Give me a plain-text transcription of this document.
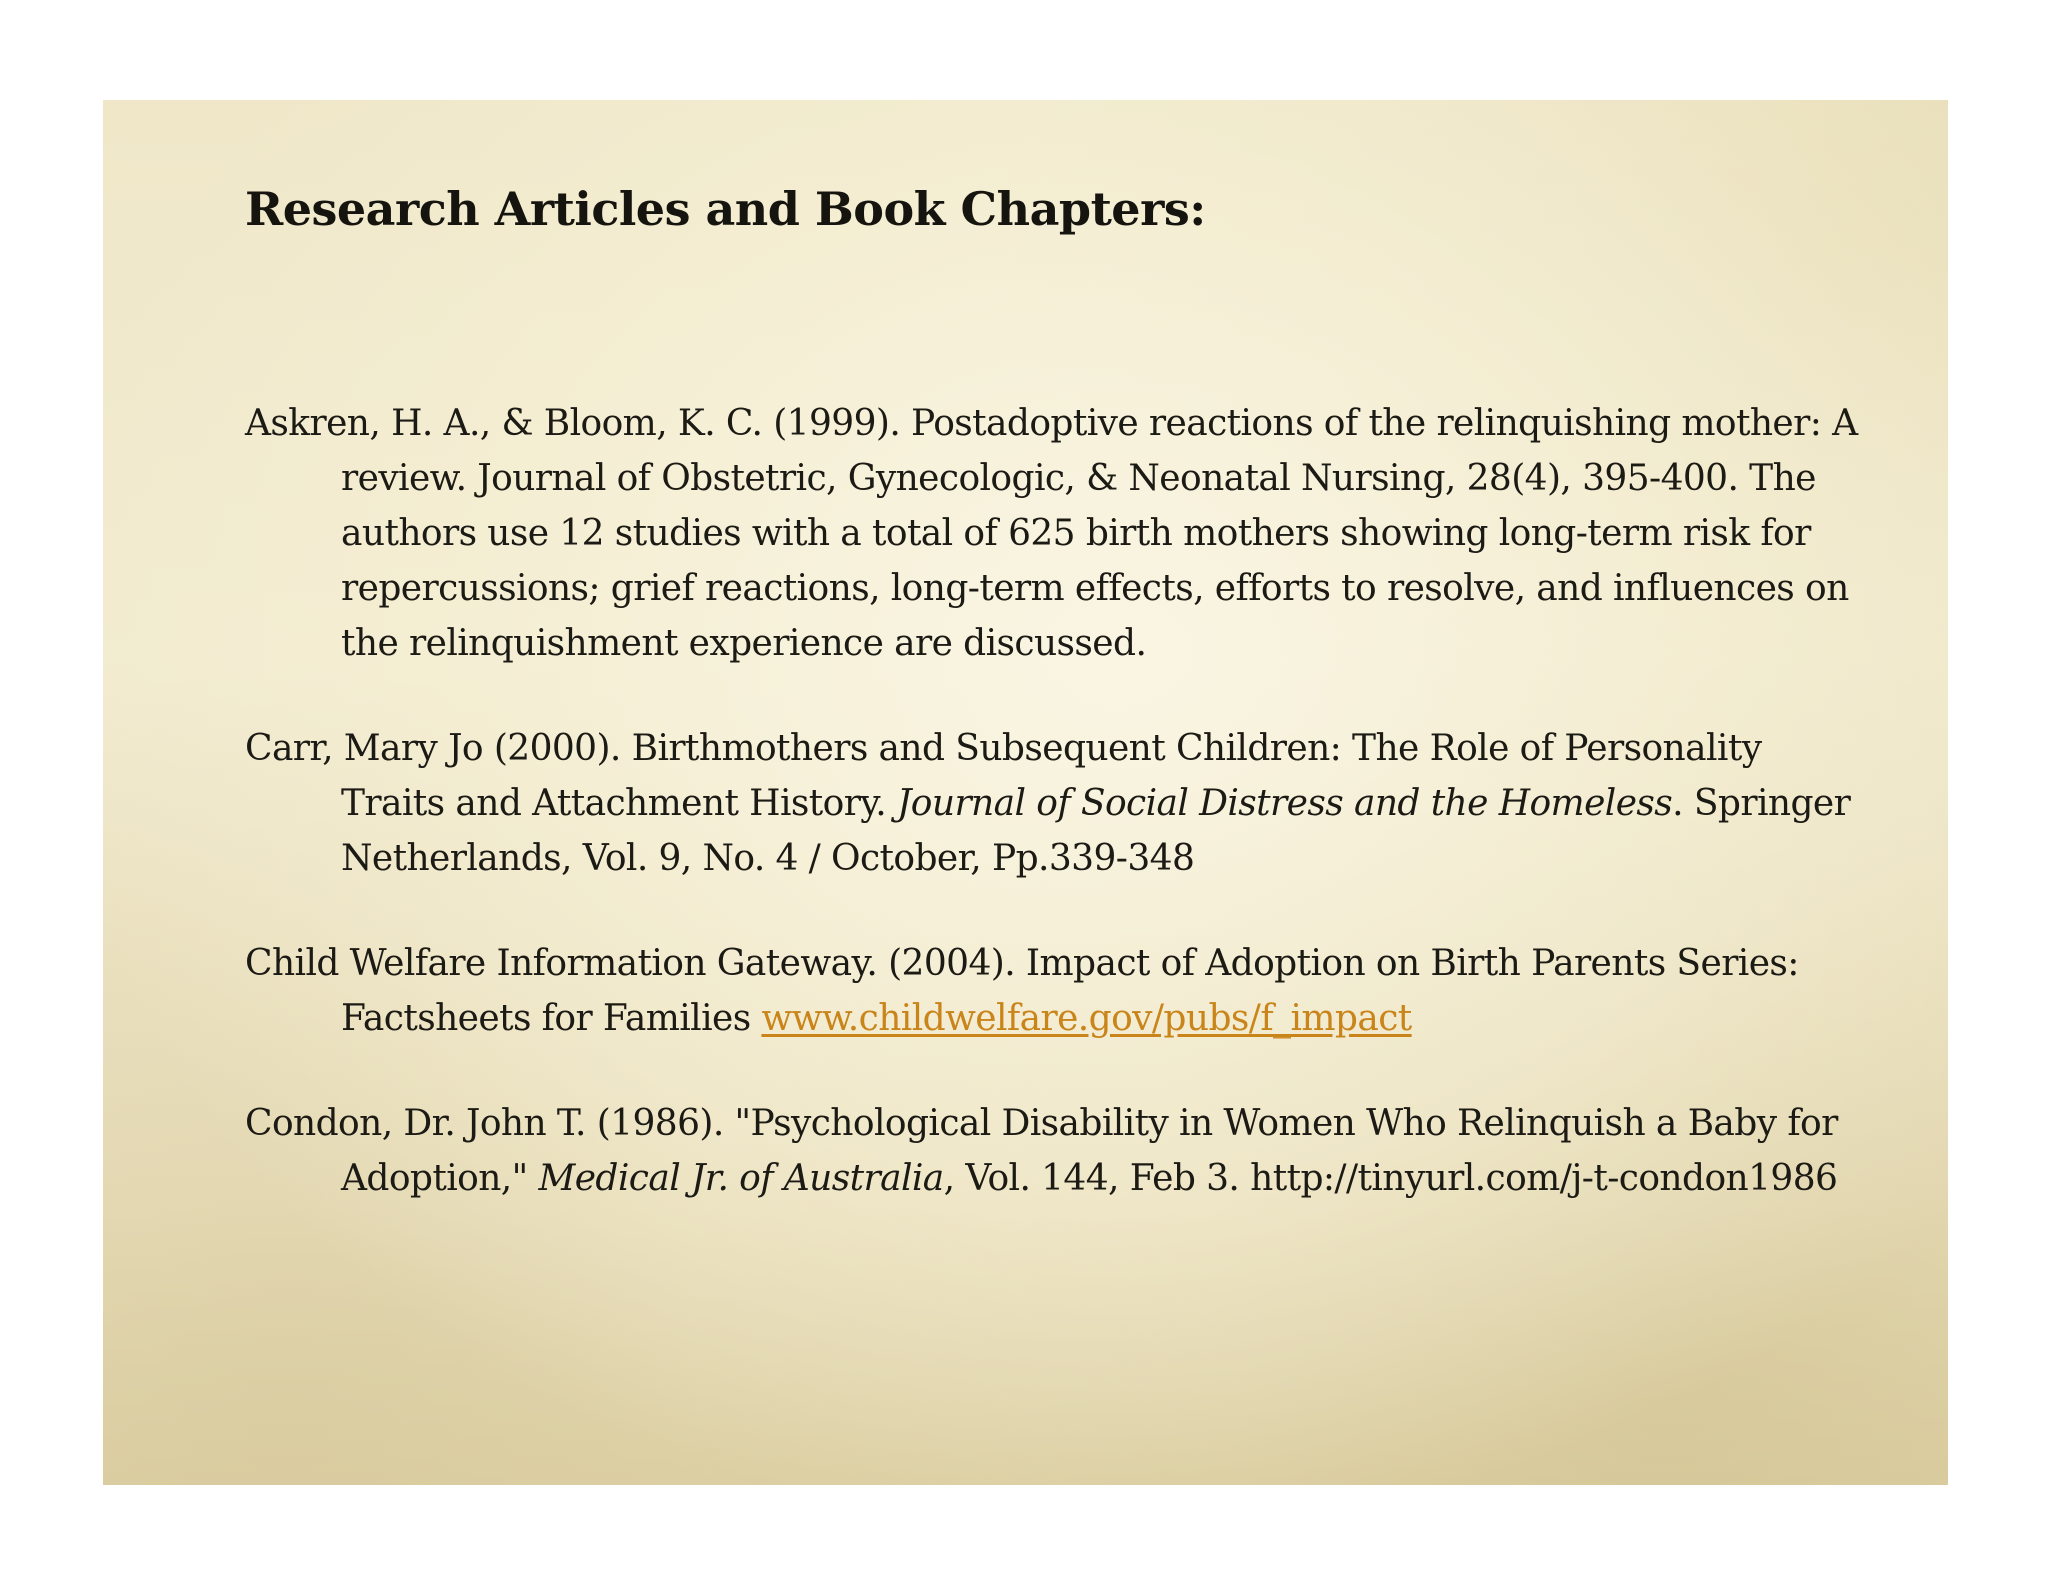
Research Articles and Book Chapters:

Askren, H. A., & Bloom, K. C. (1999). Postadoptive reactions of the relinquishing mother: A review. Journal of Obstetric, Gynecologic, & Neonatal Nursing, 28(4), 395-400. The authors use 12 studies with a total of 625 birth mothers showing long-term risk for repercussions; grief reactions, long-term effects, efforts to resolve, and influences on the relinquishment experience are discussed.

Carr, Mary Jo (2000). Birthmothers and Subsequent Children: The Role of Personality Traits and Attachment History. Journal of Social Distress and the Homeless. Springer Netherlands, Vol. 9, No. 4 / October, Pp.339-348

Child Welfare Information Gateway. (2004). Impact of Adoption on Birth Parents Series: Factsheets for Families www.childwelfare.gov/pubs/f_impact

Condon, Dr. John T. (1986). "Psychological Disability in Women Who Relinquish a Baby for Adoption," Medical Jr. of Australia, Vol. 144, Feb 3. http://tinyurl.com/j-t-condon1986
